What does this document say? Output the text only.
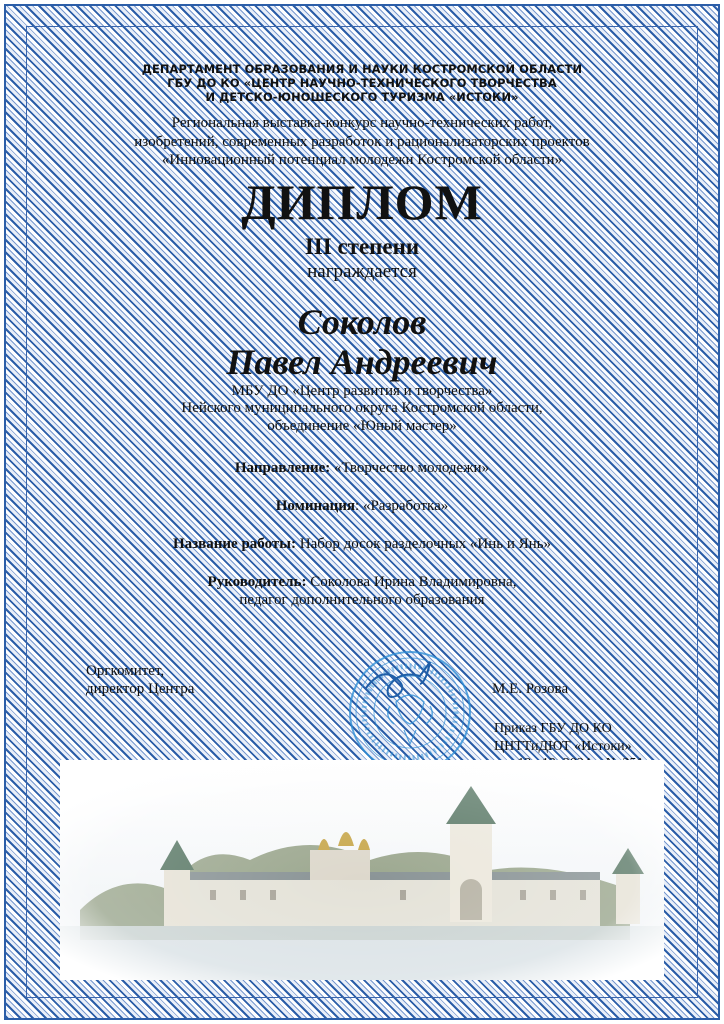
ДЕПАРТАМЕНТ ОБРАЗОВАНИЯ И НАУКИ КОСТРОМСКОЙ ОБЛАСТИ
ГБУ ДО КО «ЦЕНТР НАУЧНО-ТЕХНИЧЕСКОГО ТВОРЧЕСТВА
И ДЕТСКО-ЮНОШЕСКОГО ТУРИЗМА «ИСТОКИ»
Региональная выставка-конкурс научно-технических работ,
изобретений, современных разработок и рационализаторских проектов
«Инновационный потенциал молодежи Костромской области»
ДИПЛОМ
III степени
награждается
Соколов
Павел Андреевич
МБУ ДО «Центр развития и творчества»
Нейского муниципального округа Костромской области,
объединение «Юный мастер»
Направление: «Творчество молодежи»
Номинация: «Разработка»
Название работы: Набор досок разделочных «Инь и Янь»
Руководитель: Соколова Ирина Владимировна,
педагог дополнительного образования
Оргкомитет,
директор Центра	М.Е. Розова
Приказ ГБУ ДО КО
ЦНТТиДЮТ «Истоки»
